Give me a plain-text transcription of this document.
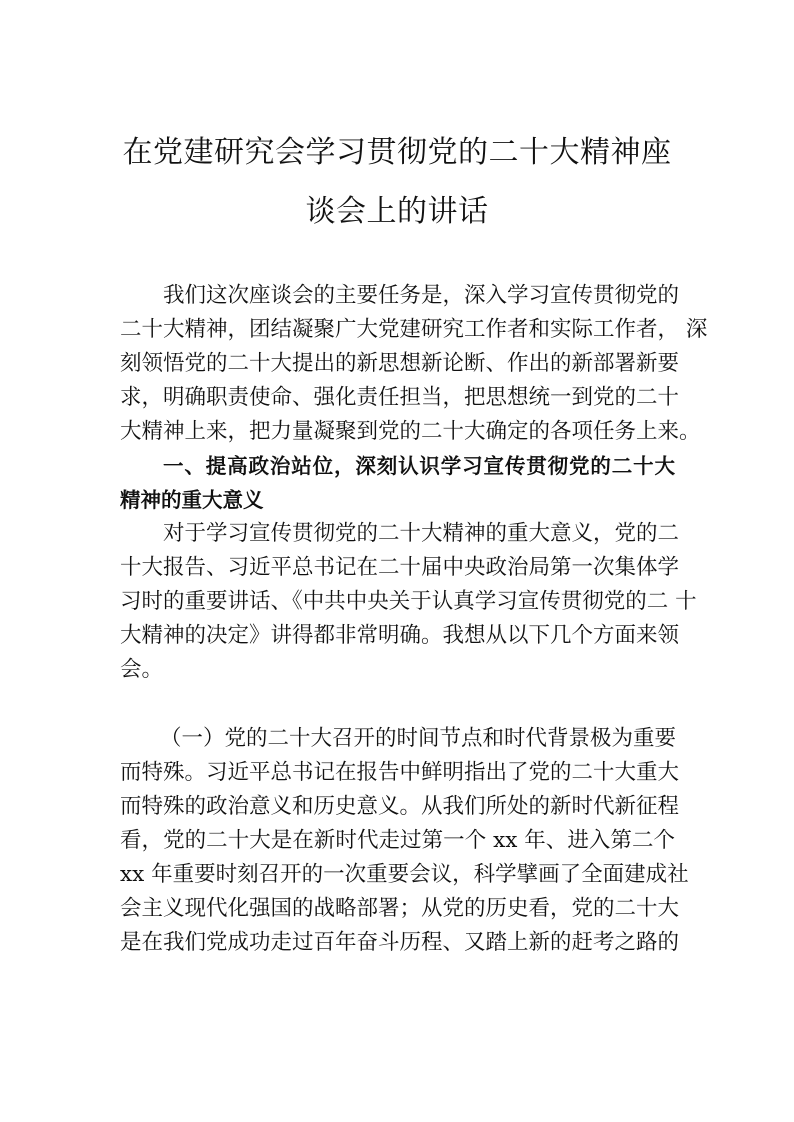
在党建研究会学习贯彻党的二十大精神座
谈会上的讲话
我们这次座谈会的主要任务是，深入学习宣传贯彻党的
二十大精神，团结凝聚广大党建研究工作者和实际工作者， 深
刻领悟党的二十大提出的新思想新论断、作出的新部署新要
求，明确职责使命、强化责任担当，把思想统一到党的二十
大精神上来，把力量凝聚到党的二十大确定的各项任务上来。
一、提高政治站位，深刻认识学习宣传贯彻党的二十大
精神的重大意义
对于学习宣传贯彻党的二十大精神的重大意义，党的二
十大报告、习近平总书记在二十届中央政治局第一次集体学
习时的重要讲话、《中共中央关于认真学习宣传贯彻党的二 十
大精神的决定》讲得都非常明确。我想从以下几个方面来领
会。
（一）党的二十大召开的时间节点和时代背景极为重要
而特殊。习近平总书记在报告中鲜明指出了党的二十大重大
而特殊的政治意义和历史意义。从我们所处的新时代新征程
看，党的二十大是在新时代走过第一个 xx 年、进入第二个
xx 年重要时刻召开的一次重要会议，科学擘画了全面建成社
会主义现代化强国的战略部署；从党的历史看，党的二十大
是在我们党成功走过百年奋斗历程、又踏上新的赶考之路的
